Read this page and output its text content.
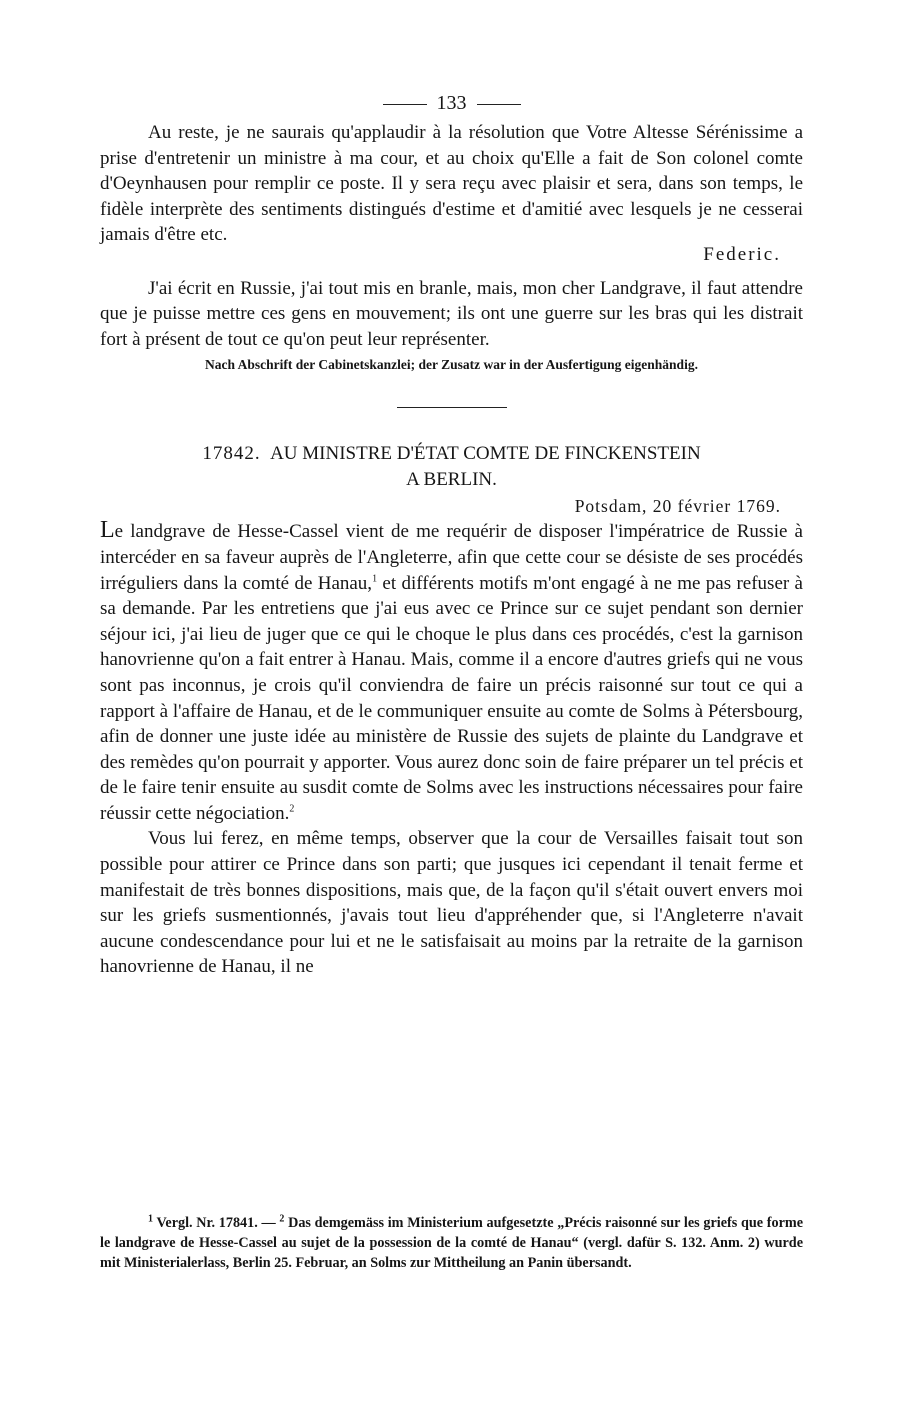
133

Au reste, je ne saurais qu'applaudir à la résolution que Votre Altesse Sérénissime a prise d'entretenir un ministre à ma cour, et au choix qu'Elle a fait de Son colonel comte d'Oeynhausen pour remplir ce poste. Il y sera reçu avec plaisir et sera, dans son temps, le fidèle interprète des sentiments distingués d'estime et d'amitié avec lesquels je ne cesserai jamais d'être etc.

Federic.

J'ai écrit en Russie, j'ai tout mis en branle, mais, mon cher Landgrave, il faut attendre que je puisse mettre ces gens en mouvement; ils ont une guerre sur les bras qui les distrait fort à présent de tout ce qu'on peut leur représenter.

Nach Abschrift der Cabinetskanzlei; der Zusatz war in der Ausfertigung eigenhändig.
17842. AU MINISTRE D'ÉTAT COMTE DE FINCKENSTEIN
A BERLIN.
Potsdam, 20 février 1769.

Le landgrave de Hesse-Cassel vient de me requérir de disposer l'impératrice de Russie à intercéder en sa faveur auprès de l'Angleterre, afin que cette cour se désiste de ses procédés irréguliers dans la comté de Hanau,$^1$ et différents motifs m'ont engagé à ne me pas refuser à sa demande. Par les entretiens que j'ai eus avec ce Prince sur ce sujet pendant son dernier séjour ici, j'ai lieu de juger que ce qui le choque le plus dans ces procédés, c'est la garnison hanovrienne qu'on a fait entrer à Hanau. Mais, comme il a encore d'autres griefs qui ne vous sont pas inconnus, je crois qu'il conviendra de faire un précis raisonné sur tout ce qui a rapport à l'affaire de Hanau, et de le communiquer ensuite au comte de Solms à Pétersbourg, afin de donner une juste idée au ministère de Russie des sujets de plainte du Landgrave et des remèdes qu'on pourrait y apporter. Vous aurez donc soin de faire préparer un tel précis et de le faire tenir ensuite au susdit comte de Solms avec les instructions nécessaires pour faire réussir cette négociation.$^2$

Vous lui ferez, en même temps, observer que la cour de Versailles faisait tout son possible pour attirer ce Prince dans son parti; que jusques ici cependant il tenait ferme et manifestait de très bonnes dispositions, mais que, de la façon qu'il s'était ouvert envers moi sur les griefs susmentionnés, j'avais tout lieu d'appréhender que, si l'Angleterre n'avait aucune condescendance pour lui et ne le satisfaisait au moins par la retraite de la garnison hanovrienne de Hanau, il ne

$^1$ Vergl. Nr. 17841. — $^2$ Das demgemäss im Ministerium aufgesetzte „Précis raisonné sur les griefs que forme le landgrave de Hesse-Cassel au sujet de la possession de la comté de Hanau“ (vergl. dafür S. 132. Anm. 2) wurde mit Ministerialerlass, Berlin 25. Februar, an Solms zur Mittheilung an Panin übersandt.
